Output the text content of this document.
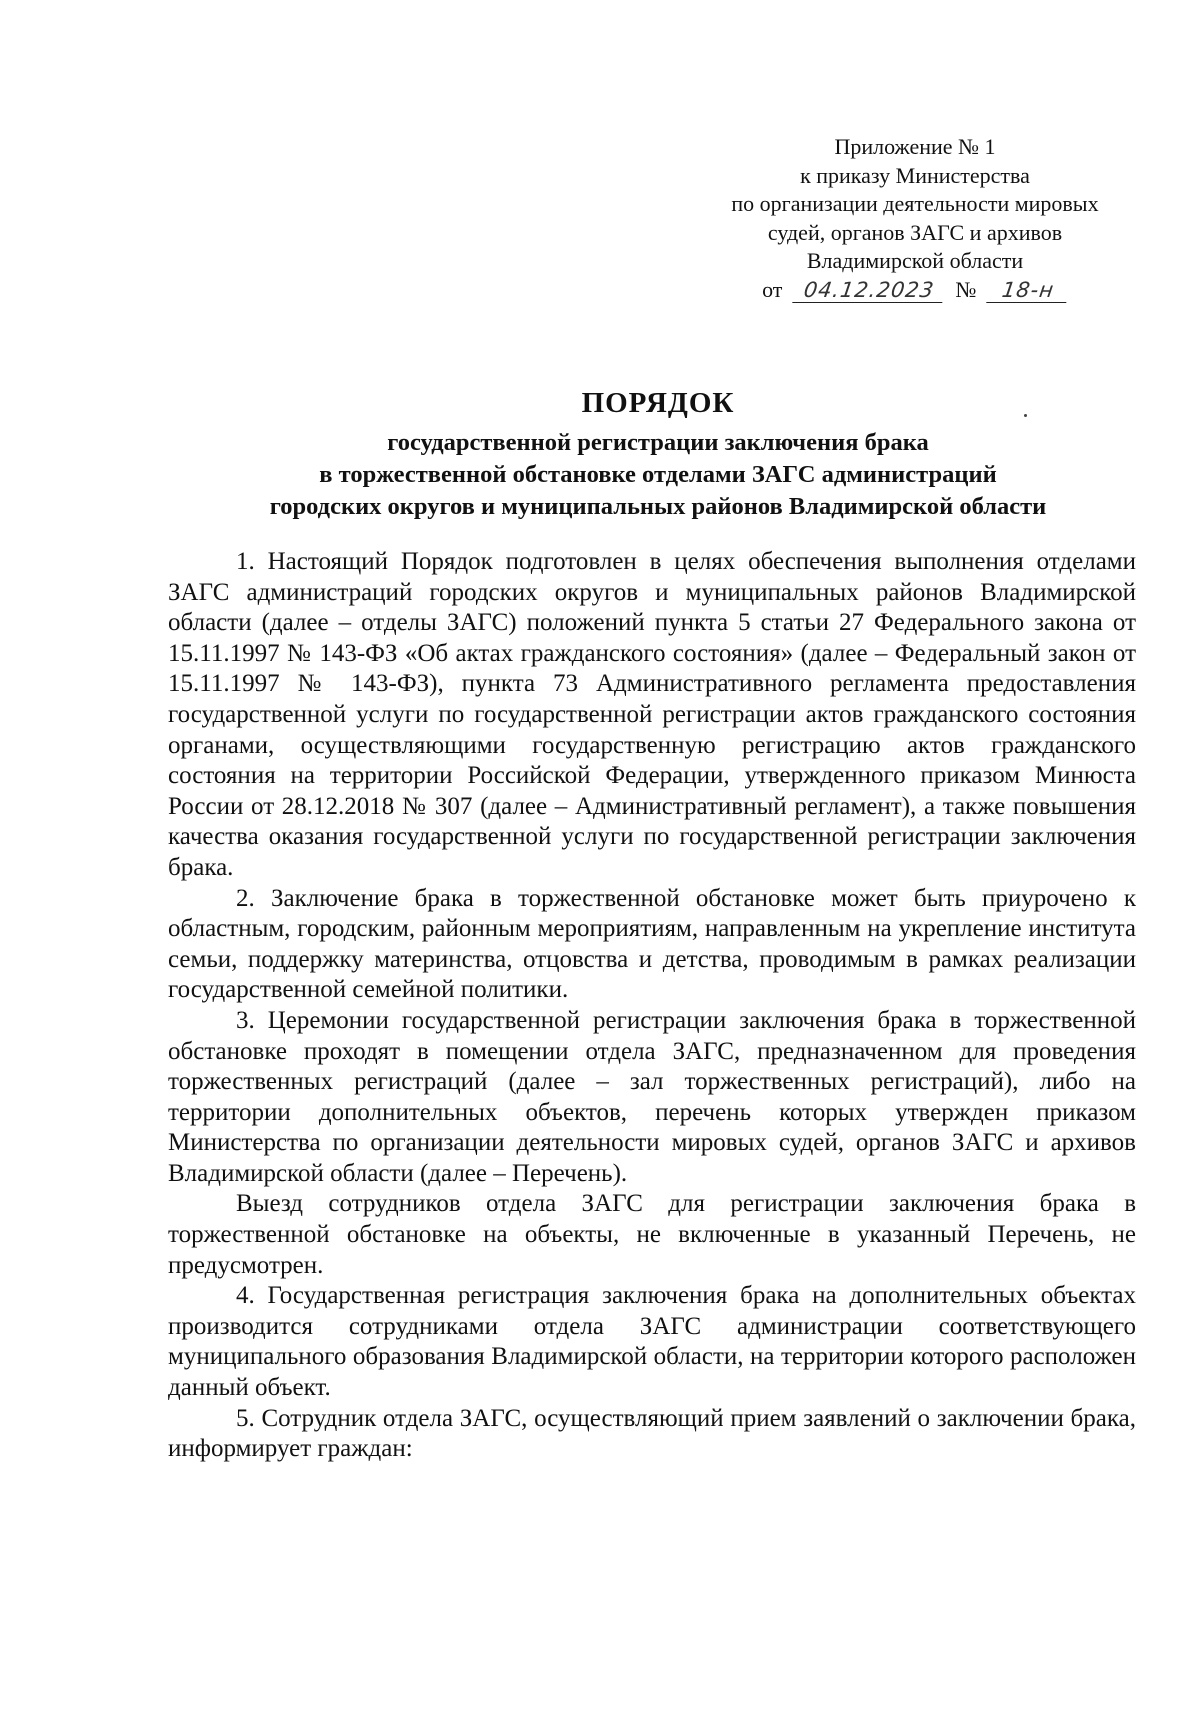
Приложение № 1
к приказу Министерства
по организации деятельности мировых
судей, органов ЗАГС и архивов
Владимирской области
от 04.12.2023 № 18-н
ПОРЯДОК
государственной регистрации заключения брака
в торжественной обстановке отделами ЗАГС администраций
городских округов и муниципальных районов Владимирской области

1. Настоящий Порядок подготовлен в целях обеспечения выполнения отделами ЗАГС администраций городских округов и муниципальных районов Владимирской области (далее – отделы ЗАГС) положений пункта 5 статьи 27 Федерального закона от 15.11.1997 № 143-ФЗ «Об актах гражданского состояния» (далее – Федеральный закон от 15.11.1997 № 143-ФЗ), пункта 73 Административного регламента предоставления государственной услуги по государственной регистрации актов гражданского состояния органами, осуществляющими государственную регистрацию актов гражданского состояния на территории Российской Федерации, утвержденного приказом Минюста России от 28.12.2018 № 307 (далее – Административный регламент), а также повышения качества оказания государственной услуги по государственной регистрации заключения брака.

2. Заключение брака в торжественной обстановке может быть приурочено к областным, городским, районным мероприятиям, направленным на укрепление института семьи, поддержку материнства, отцовства и детства, проводимым в рамках реализации государственной семейной политики.

3. Церемонии государственной регистрации заключения брака в торжественной обстановке проходят в помещении отдела ЗАГС, предназначенном для проведения торжественных регистраций (далее – зал торжественных регистраций), либо на территории дополнительных объектов, перечень которых утвержден приказом Министерства по организации деятельности мировых судей, органов ЗАГС и архивов Владимирской области (далее – Перечень).

Выезд сотрудников отдела ЗАГС для регистрации заключения брака в торжественной обстановке на объекты, не включенные в указанный Перечень, не предусмотрен.

4. Государственная регистрация заключения брака на дополнительных объектах производится сотрудниками отдела ЗАГС администрации соответствующего муниципального образования Владимирской области, на территории которого расположен данный объект.

5. Сотрудник отдела ЗАГС, осуществляющий прием заявлений о заключении брака, информирует граждан:
